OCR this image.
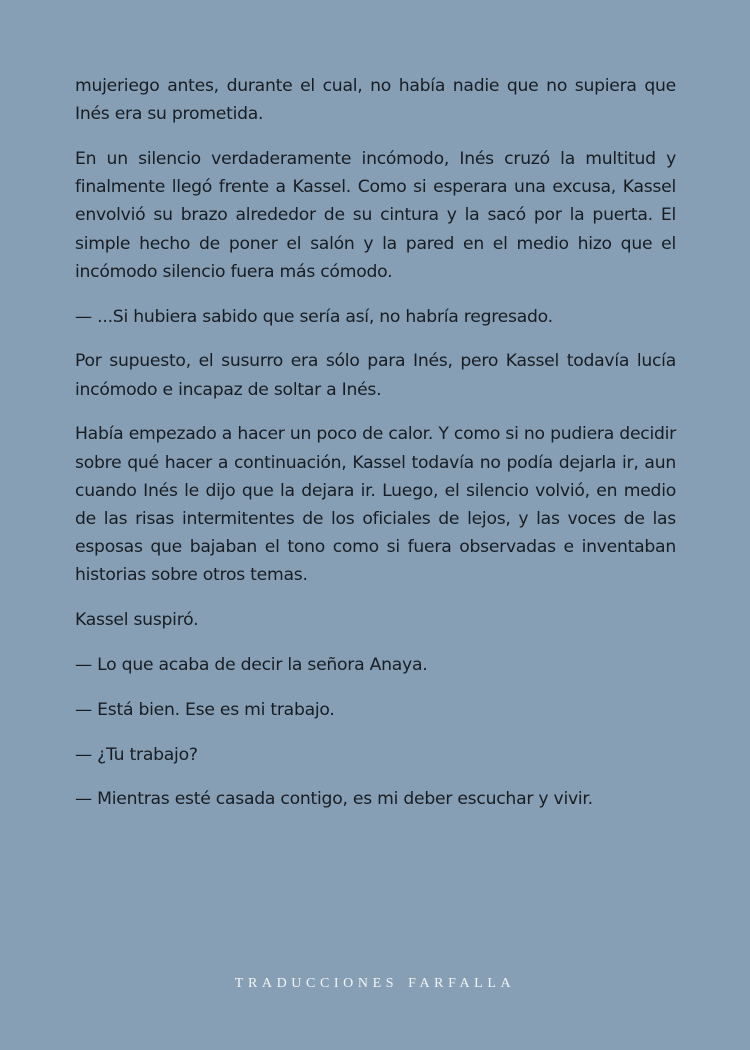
mujeriego antes, durante el cual, no había nadie que no supiera que Inés era su prometida.

En un silencio verdaderamente incómodo, Inés cruzó la multitud y finalmente llegó frente a Kassel. Como si esperara una excusa, Kassel envolvió su brazo alrededor de su cintura y la sacó por la puerta. El simple hecho de poner el salón y la pared en el medio hizo que el incómodo silencio fuera más cómodo.

— ...Si hubiera sabido que sería así, no habría regresado.

Por supuesto, el susurro era sólo para Inés, pero Kassel todavía lucía incómodo e incapaz de soltar a Inés.

Había empezado a hacer un poco de calor. Y como si no pudiera decidir sobre qué hacer a continuación, Kassel todavía no podía dejarla ir, aun cuando Inés le dijo que la dejara ir. Luego, el silencio volvió, en medio de las risas intermitentes de los oficiales de lejos, y las voces de las esposas que bajaban el tono como si fuera observadas e inventaban historias sobre otros temas.

Kassel suspiró.

— Lo que acaba de decir la señora Anaya.

— Está bien. Ese es mi trabajo.

— ¿Tu trabajo?

— Mientras esté casada contigo, es mi deber escuchar y vivir.

TRADUCCIONES FARFALLA
